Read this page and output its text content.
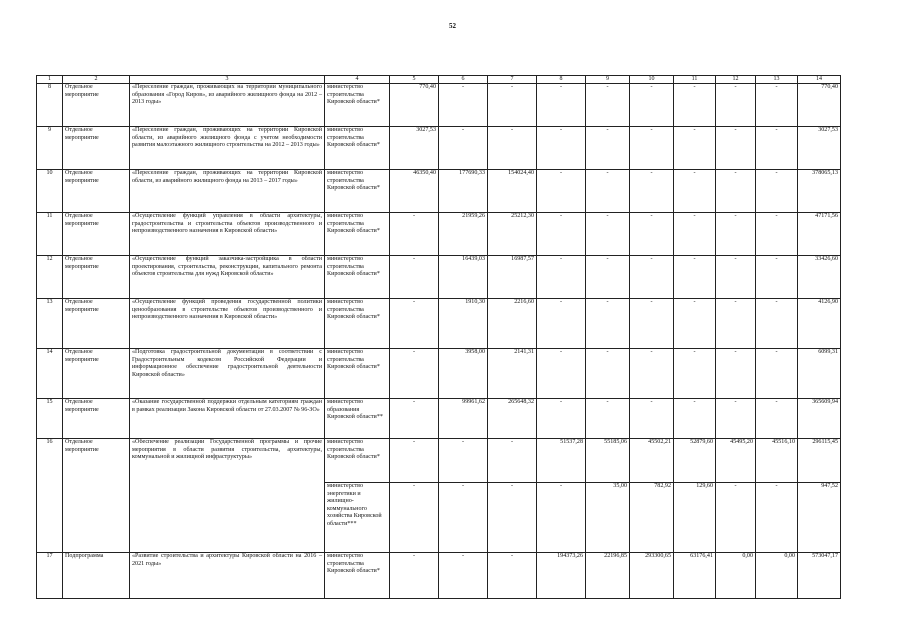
52
1	2	3	4	5	6	7	8	9	10	11	12	13	14
8	Отдельное мероприятие	«Переселение граждан, проживающих на территории муниципального образования «Город Киров», из аварийного жилищного фонда на 2012 – 2013 годы»	министерство строительства Кировской области*	770,40	-	-	-	-	-	-	-	-	770,40
9	Отдельное мероприятие	«Переселение граждан, проживающих на территории Кировской области, из аварийного жилищного фонда с учетом необходимости развития малоэтажного жилищного строительства на 2012 – 2013 годы»	министерство строительства Кировской области*	3027,53	-	-	-	-	-	-	-	-	3027,53
10	Отдельное мероприятие	«Переселение граждан, проживающих на территории Кировской области, из аварийного жилищного фонда на 2013 – 2017 годы»	министерство строительства Кировской области*	46350,40	177690,33	154024,40	-	-	-	-	-	-	378065,13
11	Отдельное мероприятие	«Осуществление функций управления в области архитектуры, градостроительства и строительства объектов производственного и непроизводственного назначения в Кировской области»	министерство строительства Кировской области*	-	21959,26	25212,30	-	-	-	-	-	-	47171,56
12	Отдельное мероприятие	«Осуществление функций заказчика-застройщика в области проектирования, строительства, реконструкции, капитального ремонта объектов строительства для нужд Кировской области»	министерство строительства Кировской области*	-	16439,03	16987,57	-	-	-	-	-	-	33426,60
13	Отдельное мероприятие	«Осуществление функций проведения государственной политики ценообразования в строительстве объектов производственного и непроизводственного назначения в Кировской области»	министерство строительства Кировской области*	-	1910,30	2216,60	-	-	-	-	-	-	4126,90
14	Отдельное мероприятие	«Подготовка градостроительной документации в соответствии с Градостроительным кодексом Российской Федерации и информационное обеспечение градостроительной деятельности Кировской области»	министерство строительства Кировской области*	-	3958,00	2141,31	-	-	-	-	-	-	6099,31
15	Отдельное мероприятие	«Оказание государственной поддержки отдельным категориям граждан в рамках реализации Закона Кировской области от 27.03.2007 № 96-ЗО»	министерство образования Кировской области**	-	99961,62	265648,32	-	-	-	-	-	-	365609,94
16	Отдельное мероприятие	«Обеспечение реализации Государственной программы и прочие мероприятия в области развития строительства, архитектуры, коммунальной и жилищной инфраструктуры»	министерство строительства Кировской области*	-	-	-	51537,28	55185,06	45502,21	52879,60	45495,20	45516,10	296115,45
			министерство энергетики и жилищно-коммунального хозяйства Кировской области***	-	-	-	-	35,00	782,92	129,60	-	-	947,52
17	Подпрограмма	«Развитие строительства и архитектуры Кировской области на 2016 – 2021 годы»	министерство строительства Кировской области*	-	-	-	194373,26	22196,85	293300,65	63176,41	0,00	0,00	573047,17
